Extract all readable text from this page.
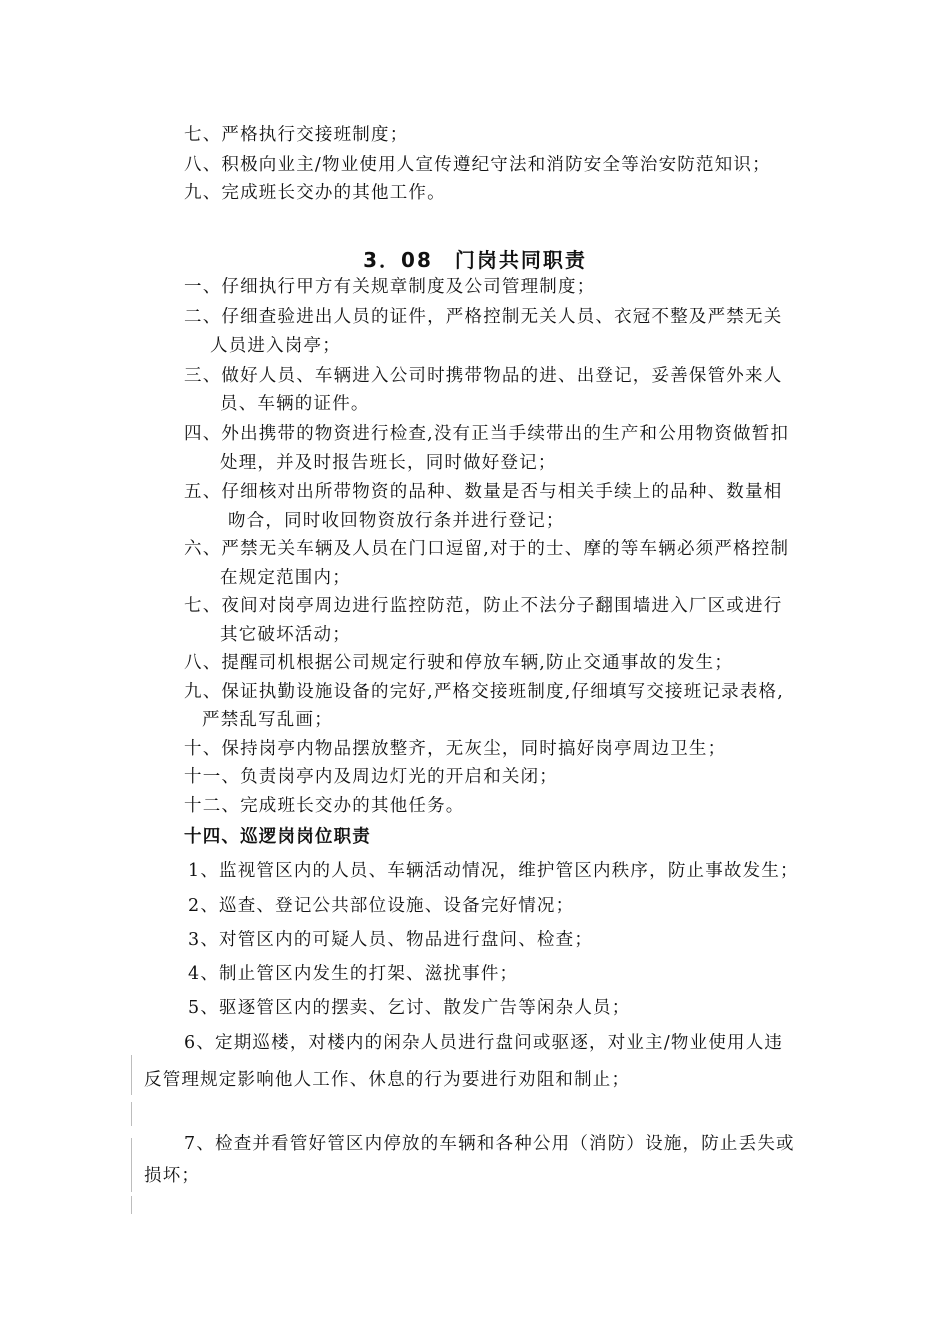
七、严格执行交接班制度；
八、积极向业主/物业使用人宣传遵纪守法和消防安全等治安防范知识；
九、完成班长交办的其他工作。
3．08　门岗共同职责
一、仔细执行甲方有关规章制度及公司管理制度；
二、仔细查验进出人员的证件，严格控制无关人员、衣冠不整及严禁无关
人员进入岗亭；
三、做好人员、车辆进入公司时携带物品的进、出登记，妥善保管外来人
员、车辆的证件。
四、外出携带的物资进行检查,没有正当手续带出的生产和公用物资做暂扣
处理，并及时报告班长，同时做好登记；
五、仔细核对出所带物资的品种、数量是否与相关手续上的品种、数量相
吻合，同时收回物资放行条并进行登记；
六、严禁无关车辆及人员在门口逗留,对于的士、摩的等车辆必须严格控制
在规定范围内；
七、夜间对岗亭周边进行监控防范，防止不法分子翻围墙进入厂区或进行
其它破坏活动；
八、提醒司机根据公司规定行驶和停放车辆,防止交通事故的发生；
九、保证执勤设施设备的完好,严格交接班制度,仔细填写交接班记录表格,
严禁乱写乱画；
十、保持岗亭内物品摆放整齐，无灰尘，同时搞好岗亭周边卫生；
十一、负责岗亭内及周边灯光的开启和关闭；
十二、完成班长交办的其他任务。
十四、巡逻岗岗位职责
1、监视管区内的人员、车辆活动情况，维护管区内秩序，防止事故发生；
2、巡查、登记公共部位设施、设备完好情况；
3、对管区内的可疑人员、物品进行盘问、检查；
4、制止管区内发生的打架、滋扰事件；
5、驱逐管区内的摆卖、乞讨、散发广告等闲杂人员；
6、定期巡楼，对楼内的闲杂人员进行盘问或驱逐，对业主/物业使用人违
反管理规定影响他人工作、休息的行为要进行劝阻和制止；
7、检查并看管好管区内停放的车辆和各种公用（消防）设施，防止丢失或
损坏；
